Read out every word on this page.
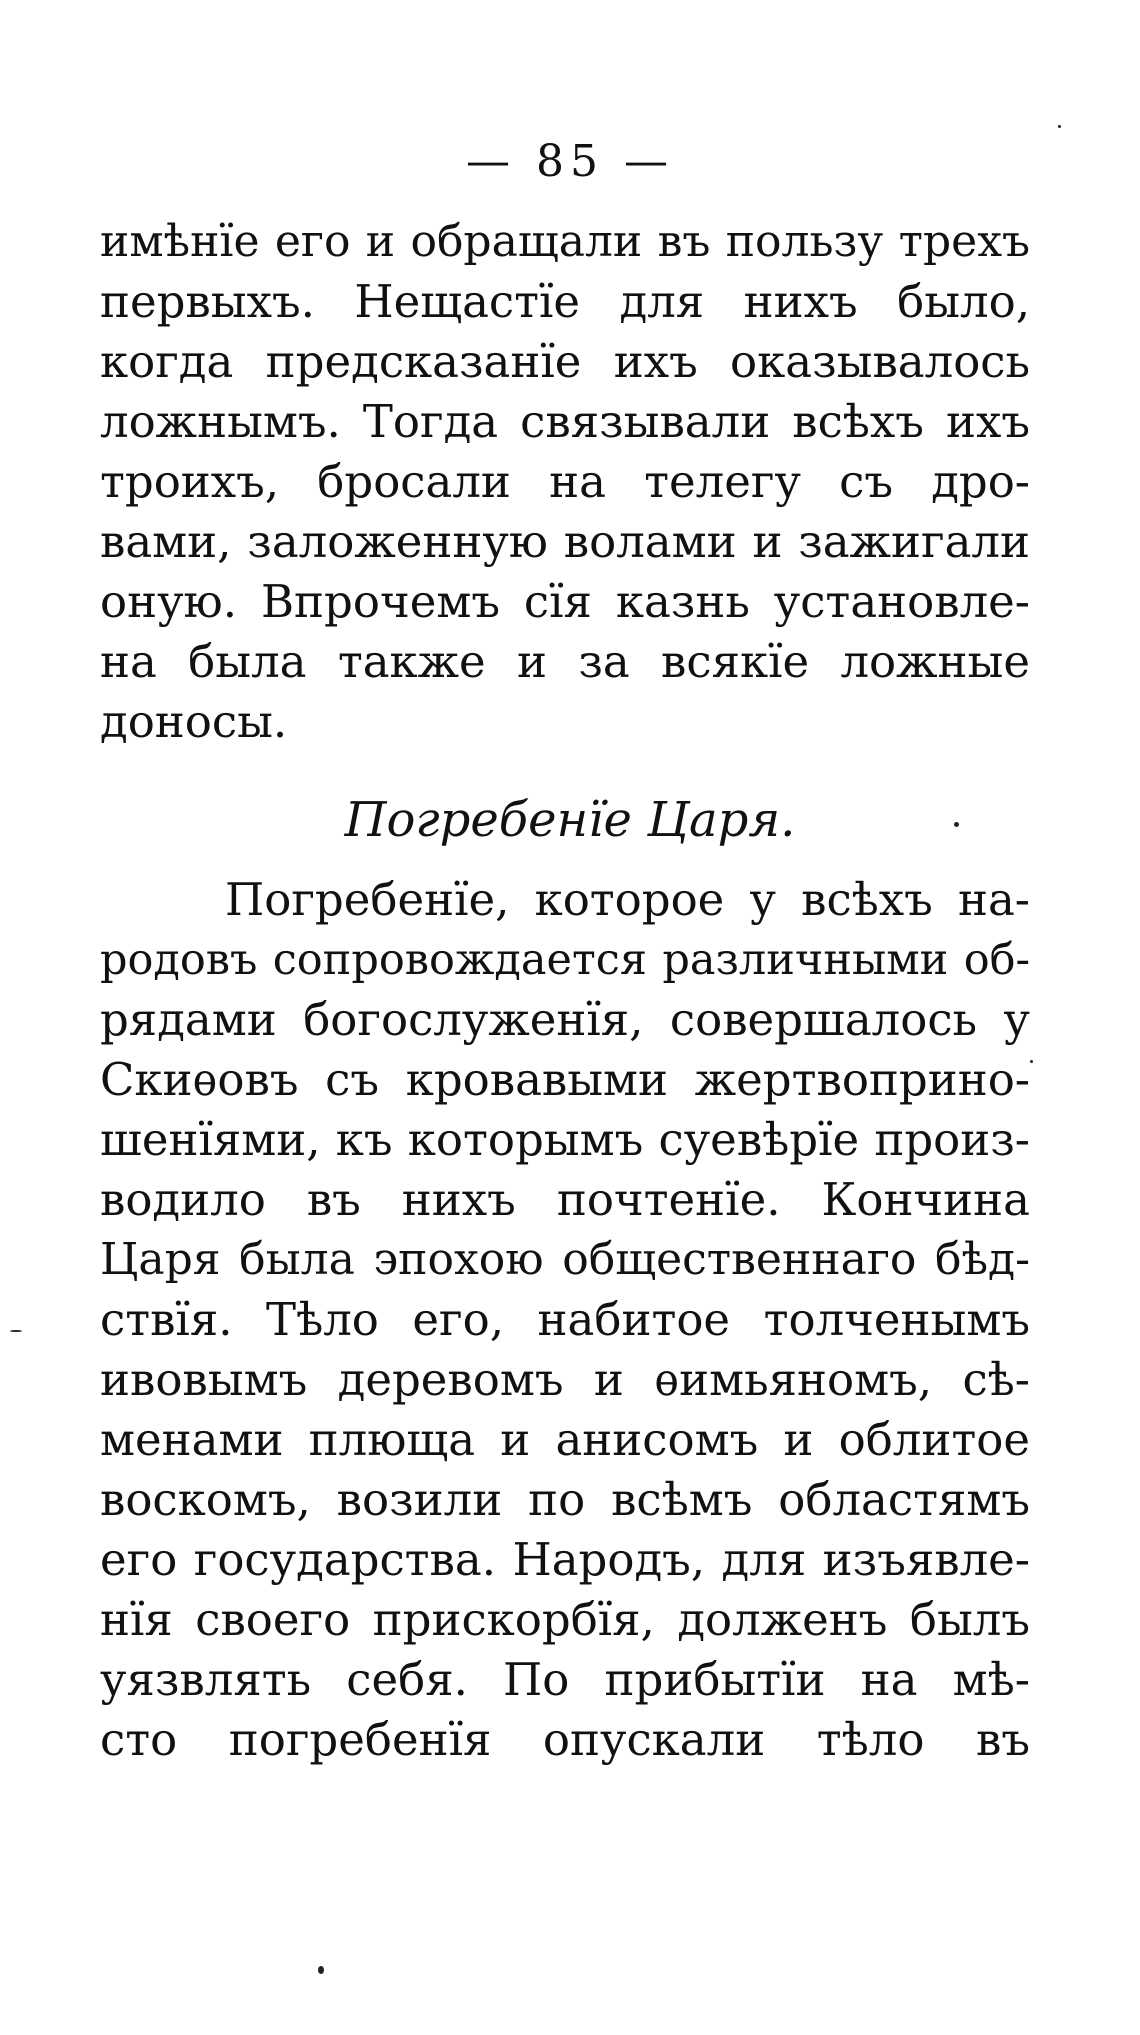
— 85 —
имѣнїе его и обращали въ пользу трехъ
первыхъ. Нещастїе для нихъ было,
когда предсказанїе ихъ оказывалось
ложнымъ. Тогда связывали всѣхъ ихъ
троихъ, бросали на телегу съ дро-
вами, заложенную волами и зажигали
оную. Впрочемъ сїя казнь установле-
на была также и за всякїе ложные
доносы.
Погребенїе Царя.
Погребенїе, которое у всѣхъ на-
родовъ сопровождается различными об-
рядами богослуженїя, совершалось у
Скиѳовъ съ кровавыми жертвоприно-
шенїями, къ которымъ суевѣрїе произ-
водило въ нихъ почтенїе. Кончина
Царя была эпохою общественнаго бѣд-
ствїя. Тѣло его, набитое толченымъ
ивовымъ деревомъ и ѳимьяномъ, сѣ-
менами плюща и анисомъ и облитое
воскомъ, возили по всѣмъ областямъ
его государства. Народъ, для изъявле-
нїя своего прискорбїя, долженъ былъ
уязвлять себя. По прибытїи на мѣ-
сто погребенїя опускали тѣло въ
